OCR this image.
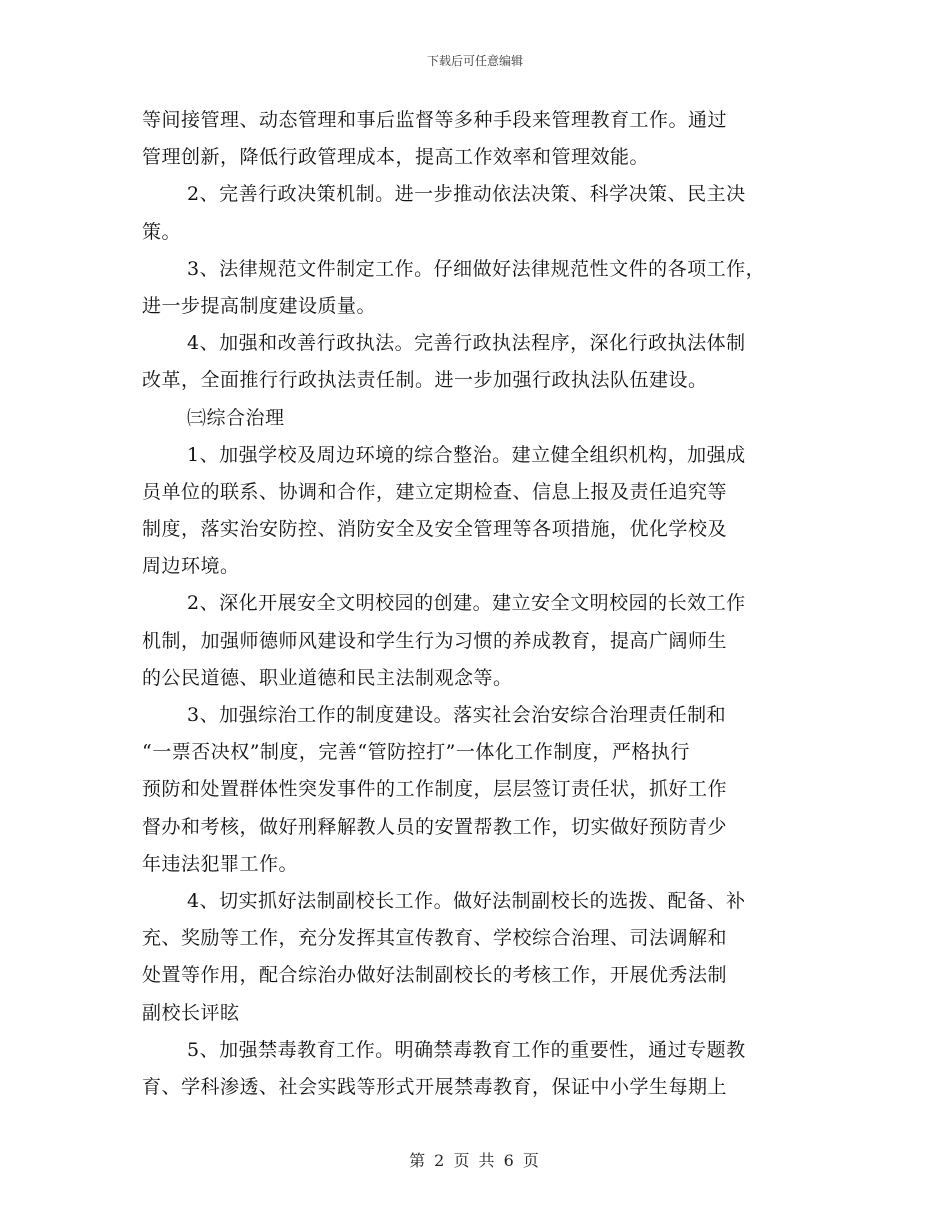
下载后可任意编辑
等间接管理、动态管理和事后监督等多种手段来管理教育工作。通过
管理创新，降低行政管理成本，提高工作效率和管理效能。
2、完善行政决策机制。进一步推动依法决策、科学决策、民主决
策。
3、法律规范文件制定工作。仔细做好法律规范性文件的各项工作，
进一步提高制度建设质量。
4、加强和改善行政执法。完善行政执法程序，深化行政执法体制
改革，全面推行行政执法责任制。进一步加强行政执法队伍建设。
㈢综合治理
1、加强学校及周边环境的综合整治。建立健全组织机构，加强成
员单位的联系、协调和合作，建立定期检查、信息上报及责任追究等
制度，落实治安防控、消防安全及安全管理等各项措施，优化学校及
周边环境。
2、深化开展安全文明校园的创建。建立安全文明校园的长效工作
机制，加强师德师风建设和学生行为习惯的养成教育，提高广阔师生
的公民道德、职业道德和民主法制观念等。
3、加强综治工作的制度建设。落实社会治安综合治理责任制和
“一票否决权”制度，完善“管防控打”一体化工作制度，严格执行
预防和处置群体性突发事件的工作制度，层层签订责任状，抓好工作
督办和考核，做好刑释解教人员的安置帮教工作，切实做好预防青少
年违法犯罪工作。
4、切实抓好法制副校长工作。做好法制副校长的选拨、配备、补
充、奖励等工作，充分发挥其宣传教育、学校综合治理、司法调解和
处置等作用，配合综治办做好法制副校长的考核工作，开展优秀法制
副校长评眩
5、加强禁毒教育工作。明确禁毒教育工作的重要性，通过专题教
育、学科渗透、社会实践等形式开展禁毒教育，保证中小学生每期上
第 2 页 共 6 页
